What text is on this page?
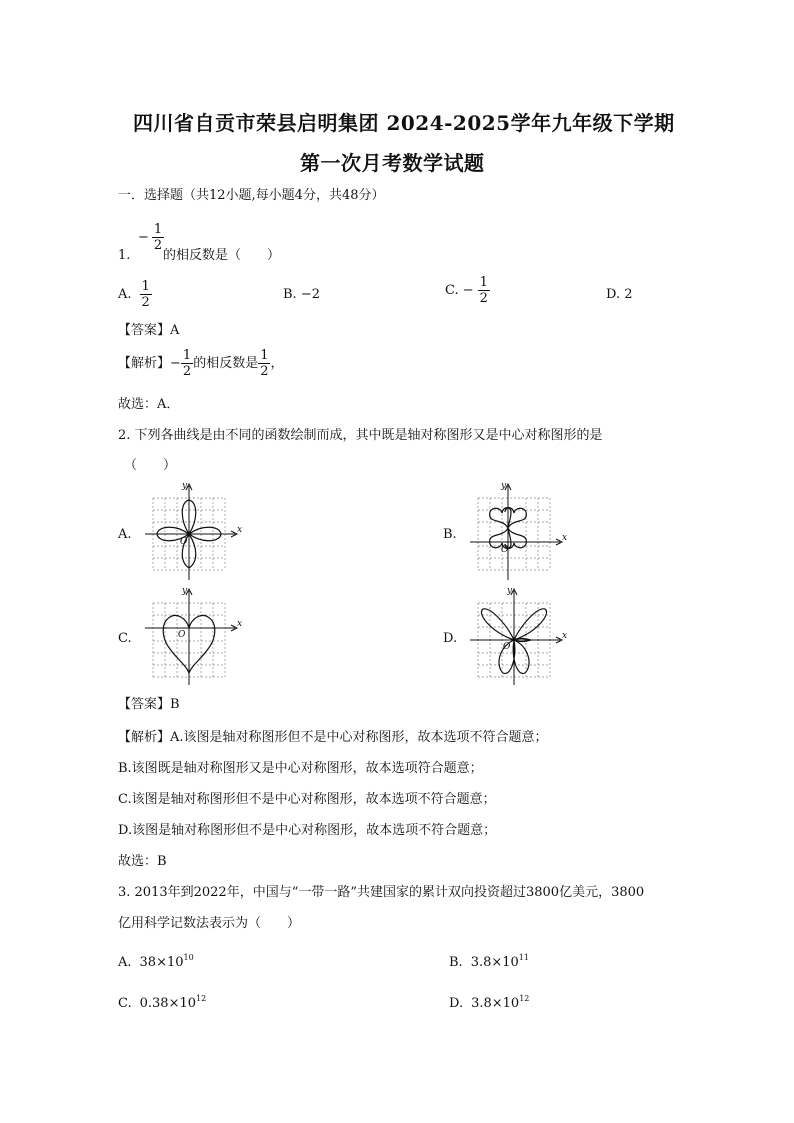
四川省自贡市荣县启明集团 2024-2025学年九年级下学期
第一次月考数学试题
一．选择题（共12小题,每小题4分，共48分）
1.
− $\frac{1}{2}$
的相反数是（　　）
A. $\frac{1}{2}$	B. −2	C. − $\frac{1}{2}$	D. 2
【答案】A
【解析】− $\frac{1}{2}$ 的相反数是 $\frac{1}{2}$ ，
故选：A．
2. 下列各曲线是由不同的函数绘制而成，其中既是轴对称图形又是中心对称图形的是
（　　）
A.	B.
C.	D.
y
x
O
y
x
O
y
x
O
y
x
O
【答案】B
【解析】A.该图是轴对称图形但不是中心对称图形，故本选项不符合题意；
B.该图既是轴对称图形又是中心对称图形，故本选项符合题意；
C.该图是轴对称图形但不是中心对称图形，故本选项不符合题意；
D.该图是轴对称图形但不是中心对称图形，故本选项不符合题意；
故选：B
3. 2013年到2022年，中国与“一带一路”共建国家的累计双向投资超过3800亿美元，3800
亿用科学记数法表示为（　　）
A. $38\times 10^{10}$	B. $3.8\times 10^{11}$
C. $0.38\times 10^{12}$	D. $3.8\times 10^{12}$
